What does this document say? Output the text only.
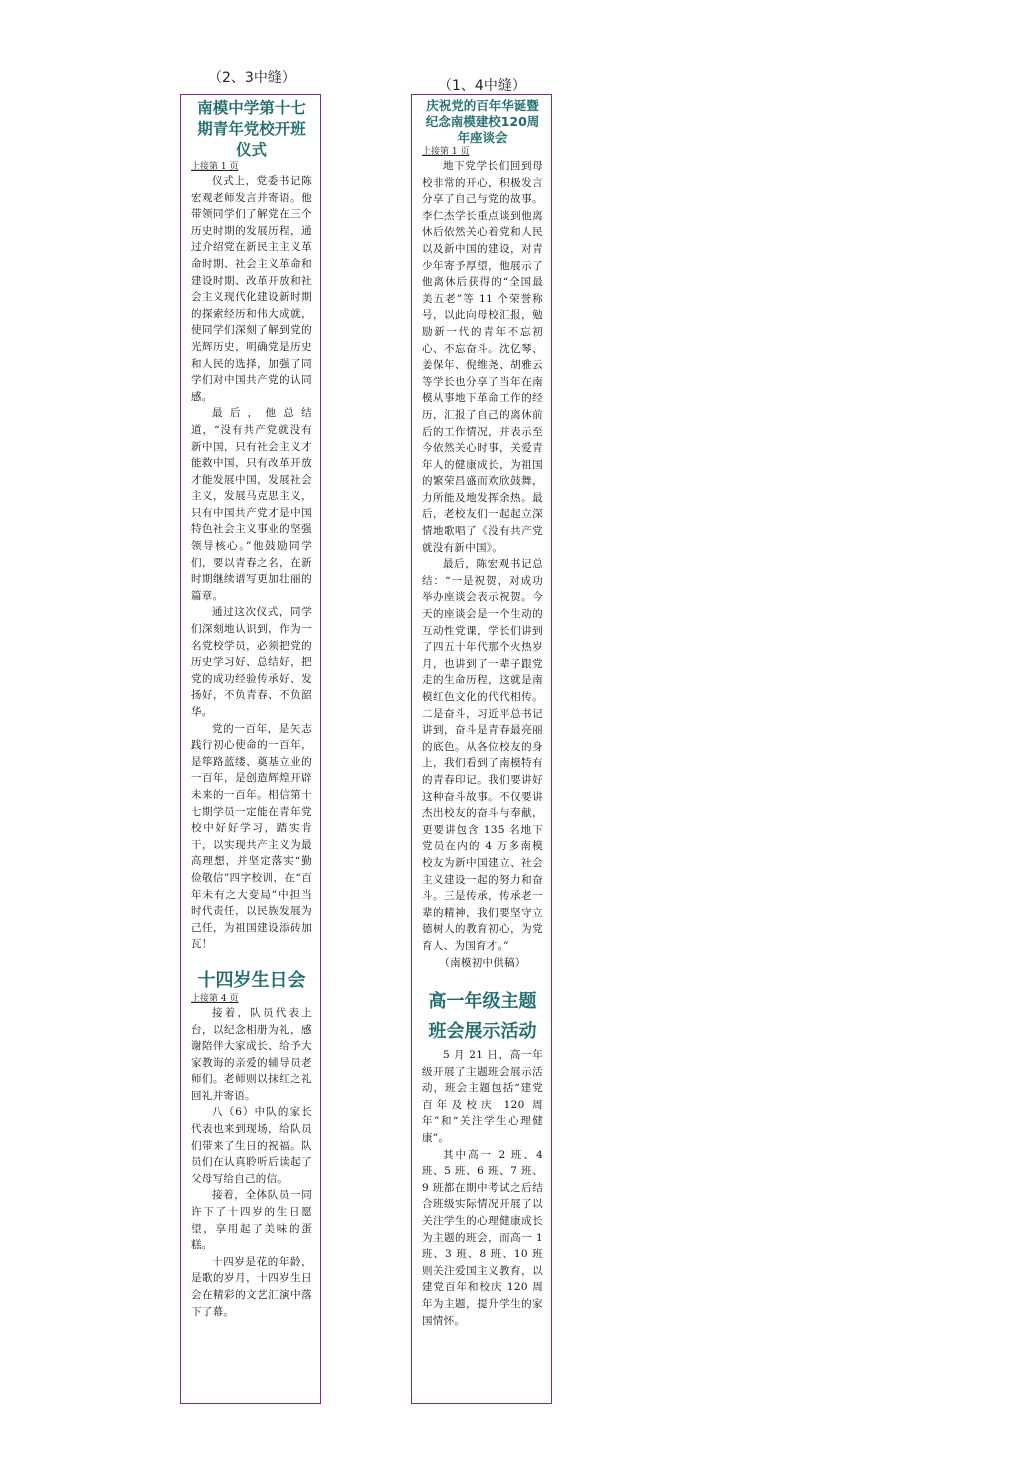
（2、3中缝）	（1、4中缝）
南模中学第十七期青年党校开班仪式
上接第 1 页

仪式上，党委书记陈宏观老师发言并寄语。他带领同学们了解党在三个历史时期的发展历程，通过介绍党在新民主主义革命时期、社会主义革命和建设时期、改革开放和社会主义现代化建设新时期的探索经历和伟大成就，使同学们深刻了解到党的光辉历史，明确党是历史和人民的选择，加强了同学们对中国共产党的认同感。

最后，他总结道，“没有共产党就没有新中国，只有社会主义才能救中国，只有改革开放才能发展中国，发展社会主义，发展马克思主义，只有中国共产党才是中国特色社会主义事业的坚强领导核心。”他鼓励同学们，要以青春之名，在新时期继续谱写更加壮丽的篇章。

通过这次仪式，同学们深刻地认识到，作为一名党校学员，必须把党的历史学习好、总结好，把党的成功经验传承好、发扬好，不负青春、不负韶华。

党的一百年，是矢志践行初心使命的一百年，是筚路蓝缕、奠基立业的一百年，是创造辉煌开辟未来的一百年。相信第十七期学员一定能在青年党校中好好学习，踏实肯干，以实现共产主义为最高理想，并坚定落实“勤俭敬信”四字校训，在“百年未有之大变局”中担当时代责任，以民族发展为己任，为祖国建设添砖加瓦！

十四岁生日会
上接第 4 页

接着，队员代表上台，以纪念相册为礼，感谢陪伴大家成长、给予大家教诲的亲爱的辅导员老师们。老师则以抹红之礼回礼并寄语。

八（6）中队的家长代表也来到现场，给队员们带来了生日的祝福。队员们在认真聆听后读起了父母写给自己的信。

接着，全体队员一同许下了十四岁的生日愿望，享用起了美味的蛋糕。

十四岁是花的年龄，是歌的岁月，十四岁生日会在精彩的文艺汇演中落下了幕。

庆祝党的百年华诞暨纪念南模建校120周年座谈会
上接第 1 页

地下党学长们回到母校非常的开心，积极发言分享了自己与党的故事。李仁杰学长重点谈到他离休后依然关心着党和人民以及新中国的建设，对青少年寄予厚望，他展示了他离休后获得的“全国最美五老”等 11 个荣誉称号，以此向母校汇报，勉励新一代的青年不忘初心、不忘奋斗。沈亿琴、姜保年、倪维尧、胡雅云等学长也分享了当年在南模从事地下革命工作的经历，汇报了自己的离休前后的工作情况，并表示至今依然关心时事，关爱青年人的健康成长，为祖国的繁荣昌盛而欢欣鼓舞，力所能及地发挥余热。最后，老校友们一起起立深情地歌唱了《没有共产党就没有新中国》。

最后，陈宏观书记总结：“一是祝贺，对成功举办座谈会表示祝贺。今天的座谈会是一个生动的互动性党课，学长们讲到了四五十年代那个火热岁月，也讲到了一辈子跟党走的生命历程，这就是南模红色文化的代代相传。二是奋斗，习近平总书记讲到，奋斗是青春最亮丽的底色。从各位校友的身上，我们看到了南模特有的青春印记。我们要讲好这种奋斗故事。不仅要讲杰出校友的奋斗与奉献，更要讲包含 135 名地下党员在内的 4 万多南模校友为新中国建立、社会主义建设一起的努力和奋斗。三是传承，传承老一辈的精神，我们要坚守立德树人的教育初心，为党育人、为国育才。”

（南模初中供稿）

高一年级主题班会展示活动

5 月 21 日，高一年级开展了主题班会展示活动，班会主题包括“建党百年及校庆 120 周年”和“关注学生心理健康”。

其中高一 2 班、4 班、5 班、6 班、7 班、9 班都在期中考试之后结合班级实际情况开展了以关注学生的心理健康成长为主题的班会，而高一 1 班、3 班、8 班、10 班则关注爱国主义教育，以建党百年和校庆 120 周年为主题，提升学生的家国情怀。
